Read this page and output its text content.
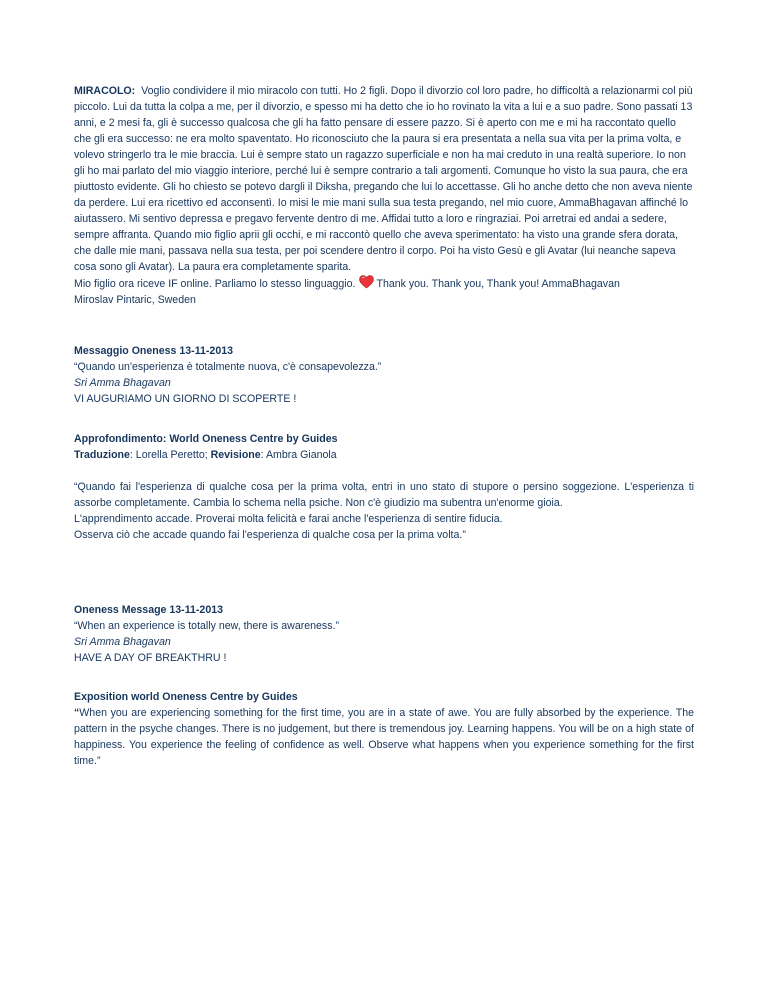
MIRACOLO: Voglio condividere il mio miracolo con tutti. Ho 2 figli. Dopo il divorzio col loro padre, ho difficoltà a relazionarmi col più piccolo. Lui da tutta la colpa a me, per il divorzio, e spesso mi ha detto che io ho rovinato la vita a lui e a suo padre. Sono passati 13 anni, e 2 mesi fa, gli è successo qualcosa che gli ha fatto pensare di essere pazzo. Si è aperto con me e mi ha raccontato quello che gli era successo: ne era molto spaventato. Ho riconosciuto che la paura si era presentata a nella sua vita per la prima volta, e volevo stringerlo tra le mie braccia. Lui è sempre stato un ragazzo superficiale e non ha mai creduto in una realtà superiore. Io non gli ho mai parlato del mio viaggio interiore, perché lui è sempre contrario a tali argomenti. Comunque ho visto la sua paura, che era piuttosto evidente. Gli ho chiesto se potevo dargli il Diksha, pregando che lui lo accettasse. Gli ho anche detto che non aveva niente da perdere. Lui era ricettivo ed acconsentì. Io misi le mie mani sulla sua testa pregando, nel mio cuore, AmmaBhagavan affinché lo aiutassero. Mi sentivo depressa e pregavo fervente dentro di me. Affidai tutto a loro e ringraziai. Poi arretrai ed andai a sedere, sempre affranta. Quando mio figlio aprii gli occhi, e mi raccontò quello che aveva sperimentato: ha visto una grande sfera dorata, che dalle mie mani, passava nella sua testa, per poi scendere dentro il corpo. Poi ha visto Gesù e gli Avatar (lui neanche sapeva cosa sono gli Avatar). La paura era completamente sparita.

Mio figlio ora riceve IF online. Parliamo lo stesso linguaggio. Thank you. Thank you, Thank you! AmmaBhagavan

Miroslav Pintaric, Sweden

Messaggio Oneness 13-11-2013

“Quando un'esperienza è totalmente nuova, c'è consapevolezza.”

Sri Amma Bhagavan

VI AUGURIAMO UN GIORNO DI SCOPERTE !

Approfondimento: World Oneness Centre by Guides

Traduzione: Lorella Peretto; Revisione: Ambra Gianola

“Quando fai l'esperienza di qualche cosa per la prima volta, entri in uno stato di stupore o persino soggezione. L'esperienza ti assorbe completamente. Cambia lo schema nella psiche. Non c'è giudizio ma subentra un'enorme gioia.

L'apprendimento accade. Proverai molta felicità e farai anche l'esperienza di sentire fiducia.

Osserva ciò che accade quando fai l'esperienza di qualche cosa per la prima volta.”

Oneness Message 13-11-2013

“When an experience is totally new, there is awareness.”

Sri Amma Bhagavan

HAVE A DAY OF BREAKTHRU !

Exposition world Oneness Centre by Guides

“When you are experiencing something for the first time, you are in a state of awe. You are fully absorbed by the experience. The pattern in the psyche changes. There is no judgement, but there is tremendous joy. Learning happens. You will be on a high state of happiness. You experience the feeling of confidence as well. Observe what happens when you experience something for the first time.”
